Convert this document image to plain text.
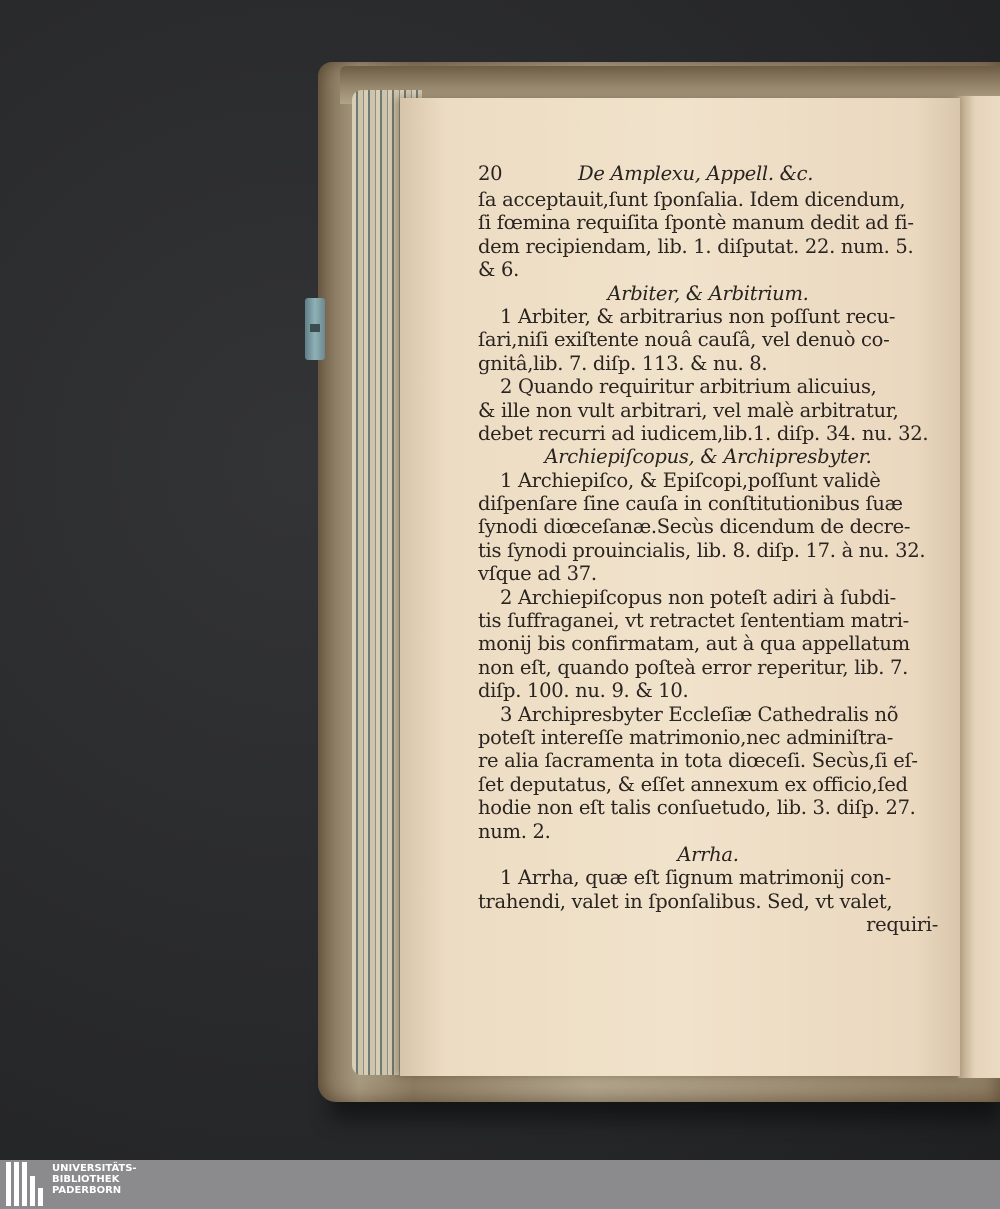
20	De Amplexu, Appell. &c.
ſa acceptauit,ſunt ſponſalia. Idem dicendum,
ſi fœmina requiſita ſpontè manum dedit ad fi-
dem recipiendam, lib. 1. diſputat. 22. num. 5.
& 6.
Arbiter, & Arbitrium.
1 Arbiter, & arbitrarius non poſſunt recu-
ſari,niſi exiſtente nouâ cauſâ, vel denuò co-
gnitâ,lib. 7. diſp. 113. & nu. 8.
2 Quando requiritur arbitrium alicuius,
& ille non vult arbitrari, vel malè arbitratur,
debet recurri ad iudicem,lib.1. diſp. 34. nu. 32.
Archiepiſcopus, & Archipresbyter.
1 Archiepiſco, & Epiſcopi,poſſunt validè
diſpenſare ſine cauſa in conſtitutionibus ſuæ
ſynodi diœceſanæ.Secùs dicendum de decre-
tis ſynodi prouincialis, lib. 8. diſp. 17. à nu. 32.
vſque ad 37.
2 Archiepiſcopus non poteſt adiri à ſubdi-
tis ſuffraganei, vt retractet ſententiam matri-
monij bis confirmatam, aut à qua appellatum
non eſt, quando poſteà error reperitur, lib. 7.
diſp. 100. nu. 9. & 10.
3 Archipresbyter Eccleſiæ Cathedralis nõ
poteſt intereſſe matrimonio,nec adminiſtra-
re alia ſacramenta in tota diœceſi. Secùs,ſi eſ-
ſet deputatus, & eſſet annexum ex officio,ſed
hodie non eſt talis conſuetudo, lib. 3. diſp. 27.
num. 2.
Arrha.
1 Arrha, quæ eſt ſignum matrimonij con-
trahendi, valet in ſponſalibus. Sed, vt valet,
requiri-
UNIVERSITÄTS-
BIBLIOTHEK
PADERBORN
